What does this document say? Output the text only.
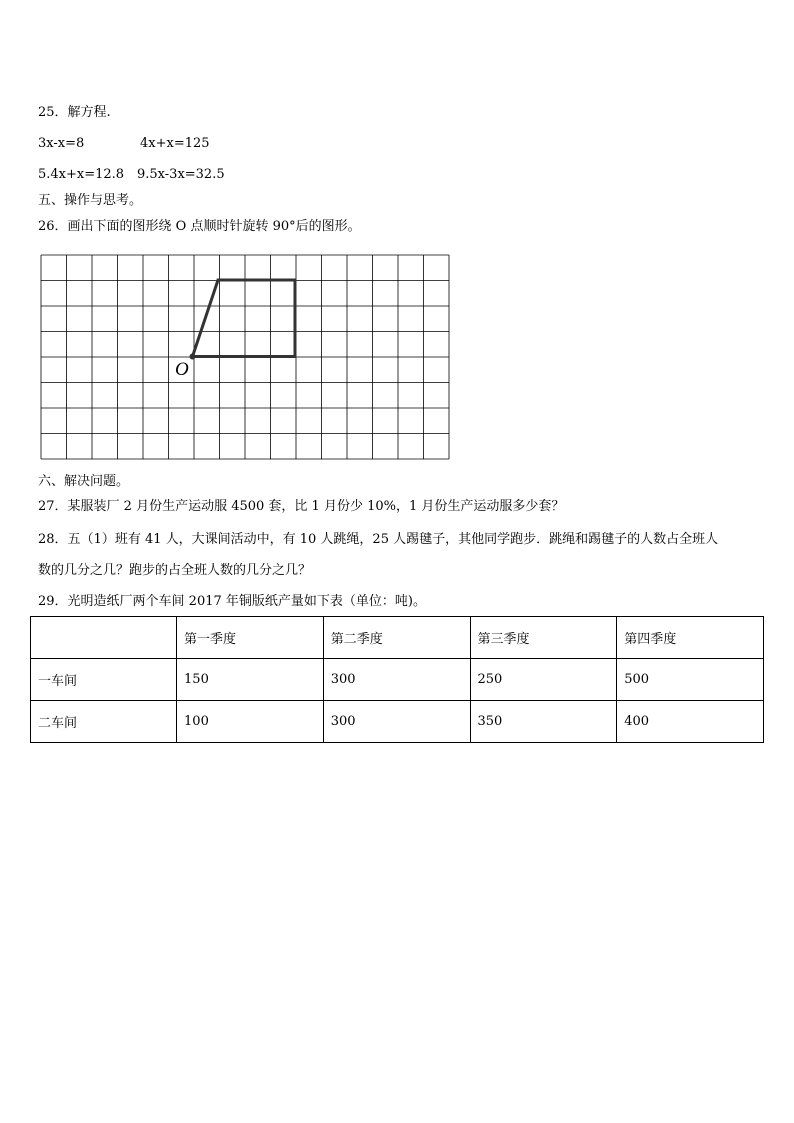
25．解方程.
3x-x=8	4x+x=125
5.4x+x=12.8 9.5x-3x=32.5
五、操作与思考。
26．画出下面的图形绕 O 点顺时针旋转 90°后的图形。
O
六、解决问题。
27．某服装厂 2 月份生产运动服 4500 套，比 1 月份少 10%，1 月份生产运动服多少套？
28．五（1）班有 41 人，大课间活动中，有 10 人跳绳，25 人踢毽子，其他同学跑步．跳绳和踢毽子的人数占全班人
数的几分之几？跑步的占全班人数的几分之几？
29．光明造纸厂两个车间 2017 年铜版纸产量如下表（单位：吨)。
	第一季度	第二季度	第三季度	第四季度
一车间	150	300	250	500
二车间	100	300	350	400
